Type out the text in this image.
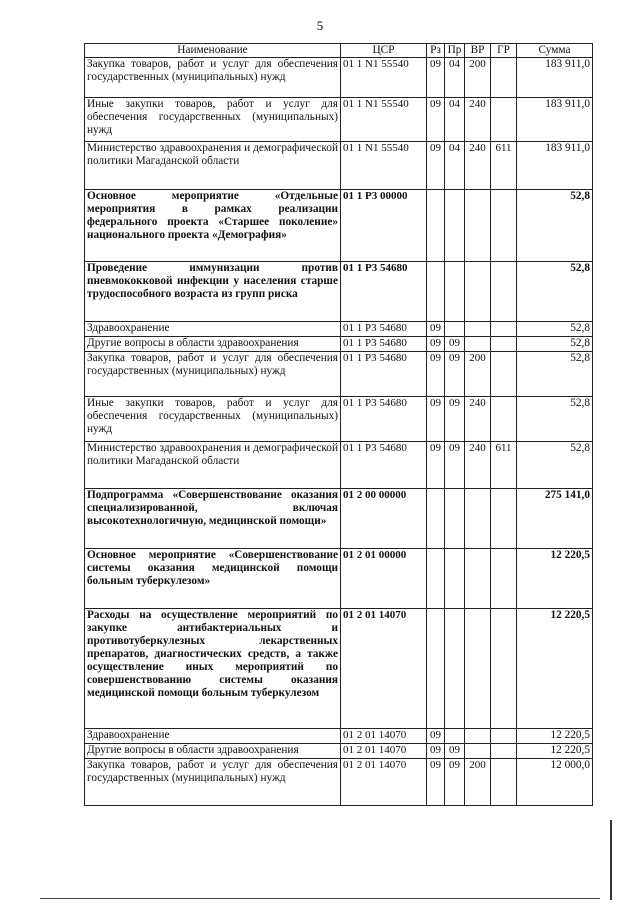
5
Наименование	ЦСР	Рз	Пр	ВР	ГР	Сумма
Закупка товаров, работ и услуг для обеспечения государственных (муниципальных) нужд	01 1 N1 55540	09	04	200		183 911,0
Иные закупки товаров, работ и услуг для обеспечения государственных (муниципальных) нужд	01 1 N1 55540	09	04	240		183 911,0
Министерство здравоохранения и демографической политики Магаданской области	01 1 N1 55540	09	04	240	611	183 911,0
Основное мероприятие «Отдельные мероприятия в рамках реализации федерального проекта «Старшее поколение» национального проекта «Демография»	01 1 P3 00000					52,8
Проведение иммунизации против пневмококковой инфекции у населения старше трудоспособного возраста из групп риска	01 1 P3 54680					52,8
Здравоохранение	01 1 P3 54680	09				52,8
Другие вопросы в области здравоохранения	01 1 P3 54680	09	09			52,8
Закупка товаров, работ и услуг для обеспечения государственных (муниципальных) нужд	01 1 P3 54680	09	09	200		52,8
Иные закупки товаров, работ и услуг для обеспечения государственных (муниципальных) нужд	01 1 P3 54680	09	09	240		52,8
Министерство здравоохранения и демографической политики Магаданской области	01 1 P3 54680	09	09	240	611	52,8
Подпрограмма «Совершенствование оказания специализированной, включая высокотехнологичную, медицинской помощи»	01 2 00 00000					275 141,0
Основное мероприятие «Совершенствование системы оказания медицинской помощи больным туберкулезом»	01 2 01 00000					12 220,5
Расходы на осуществление мероприятий по закупке антибактериальных и противотуберкулезных лекарственных препаратов, диагностических средств, а также осуществление иных мероприятий по совершенствованию системы оказания медицинской помощи больным туберкулезом	01 2 01 14070					12 220,5
Здравоохранение	01 2 01 14070	09				12 220,5
Другие вопросы в области здравоохранения	01 2 01 14070	09	09			12 220,5
Закупка товаров, работ и услуг для обеспечения государственных (муниципальных) нужд	01 2 01 14070	09	09	200		12 000,0
